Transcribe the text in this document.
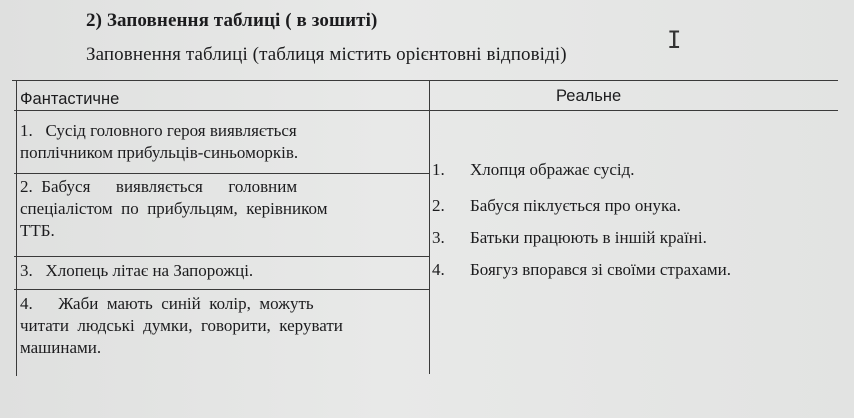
2) Заповнення таблиці ( в зошиті)
I
Заповнення таблиці (таблиця містить орієнтовні відповіді)
Фантастичне	Реальне
1.   Сусід головного героя виявляється
поплічником прибульців-синьоморків.
2.  Бабуся      виявляється      головним
спеціалістом  по  прибульцям,  керівником
ТТБ.
3.   Хлопець літає на Запорожці.
4.      Жаби  мають  синій  колір,  можуть
читати  людські  думки,  говорити,  керувати
машинами.
1. Хлопця ображає сусід.
2. Бабуся піклується про онука.
3. Батьки працюють в іншій країні.
4. Боягуз впорався зі своїми страхами.
